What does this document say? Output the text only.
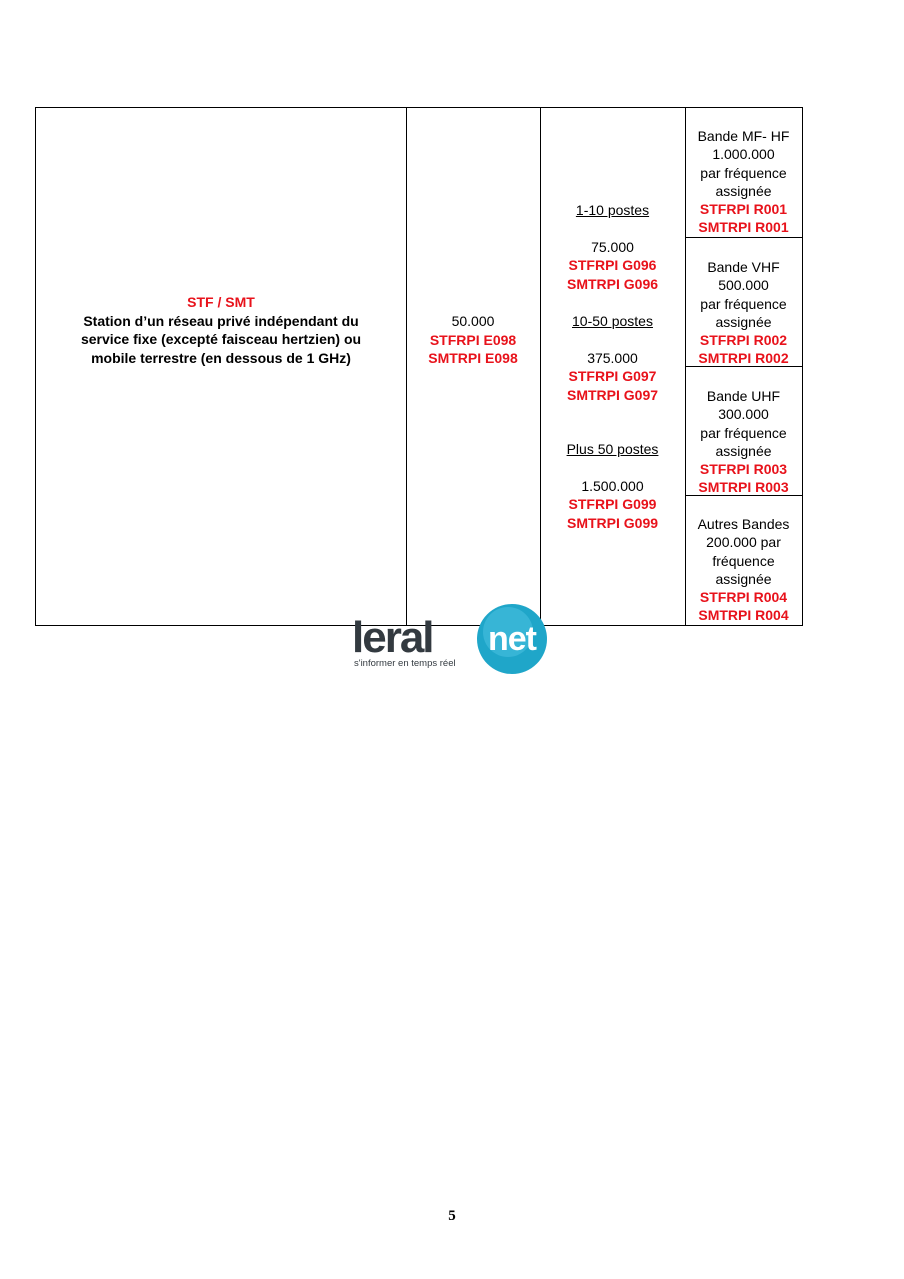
STF / SMT
Station d’un réseau privé indépendant du
service fixe (excepté faisceau hertzien) ou
mobile terrestre (en dessous de 1 GHz)
50.000
STFRPI E098
SMTRPI E098
1-10 postes
75.000
STFRPI G096
SMTRPI G096
10-50 postes
375.000
STFRPI G097
SMTRPI G097
Plus 50 postes
1.500.000
STFRPI G099
SMTRPI G099
Bande MF- HF
1.000.000
par fréquence
assignée
STFRPI R001
SMTRPI R001
Bande VHF
500.000
par fréquence
assignée
STFRPI R002
SMTRPI R002
Bande UHF
300.000
par fréquence
assignée
STFRPI R003
SMTRPI R003
Autres Bandes
200.000 par
fréquence
assignée
STFRPI R004
SMTRPI R004
leral net
s'informer en temps réel
5
